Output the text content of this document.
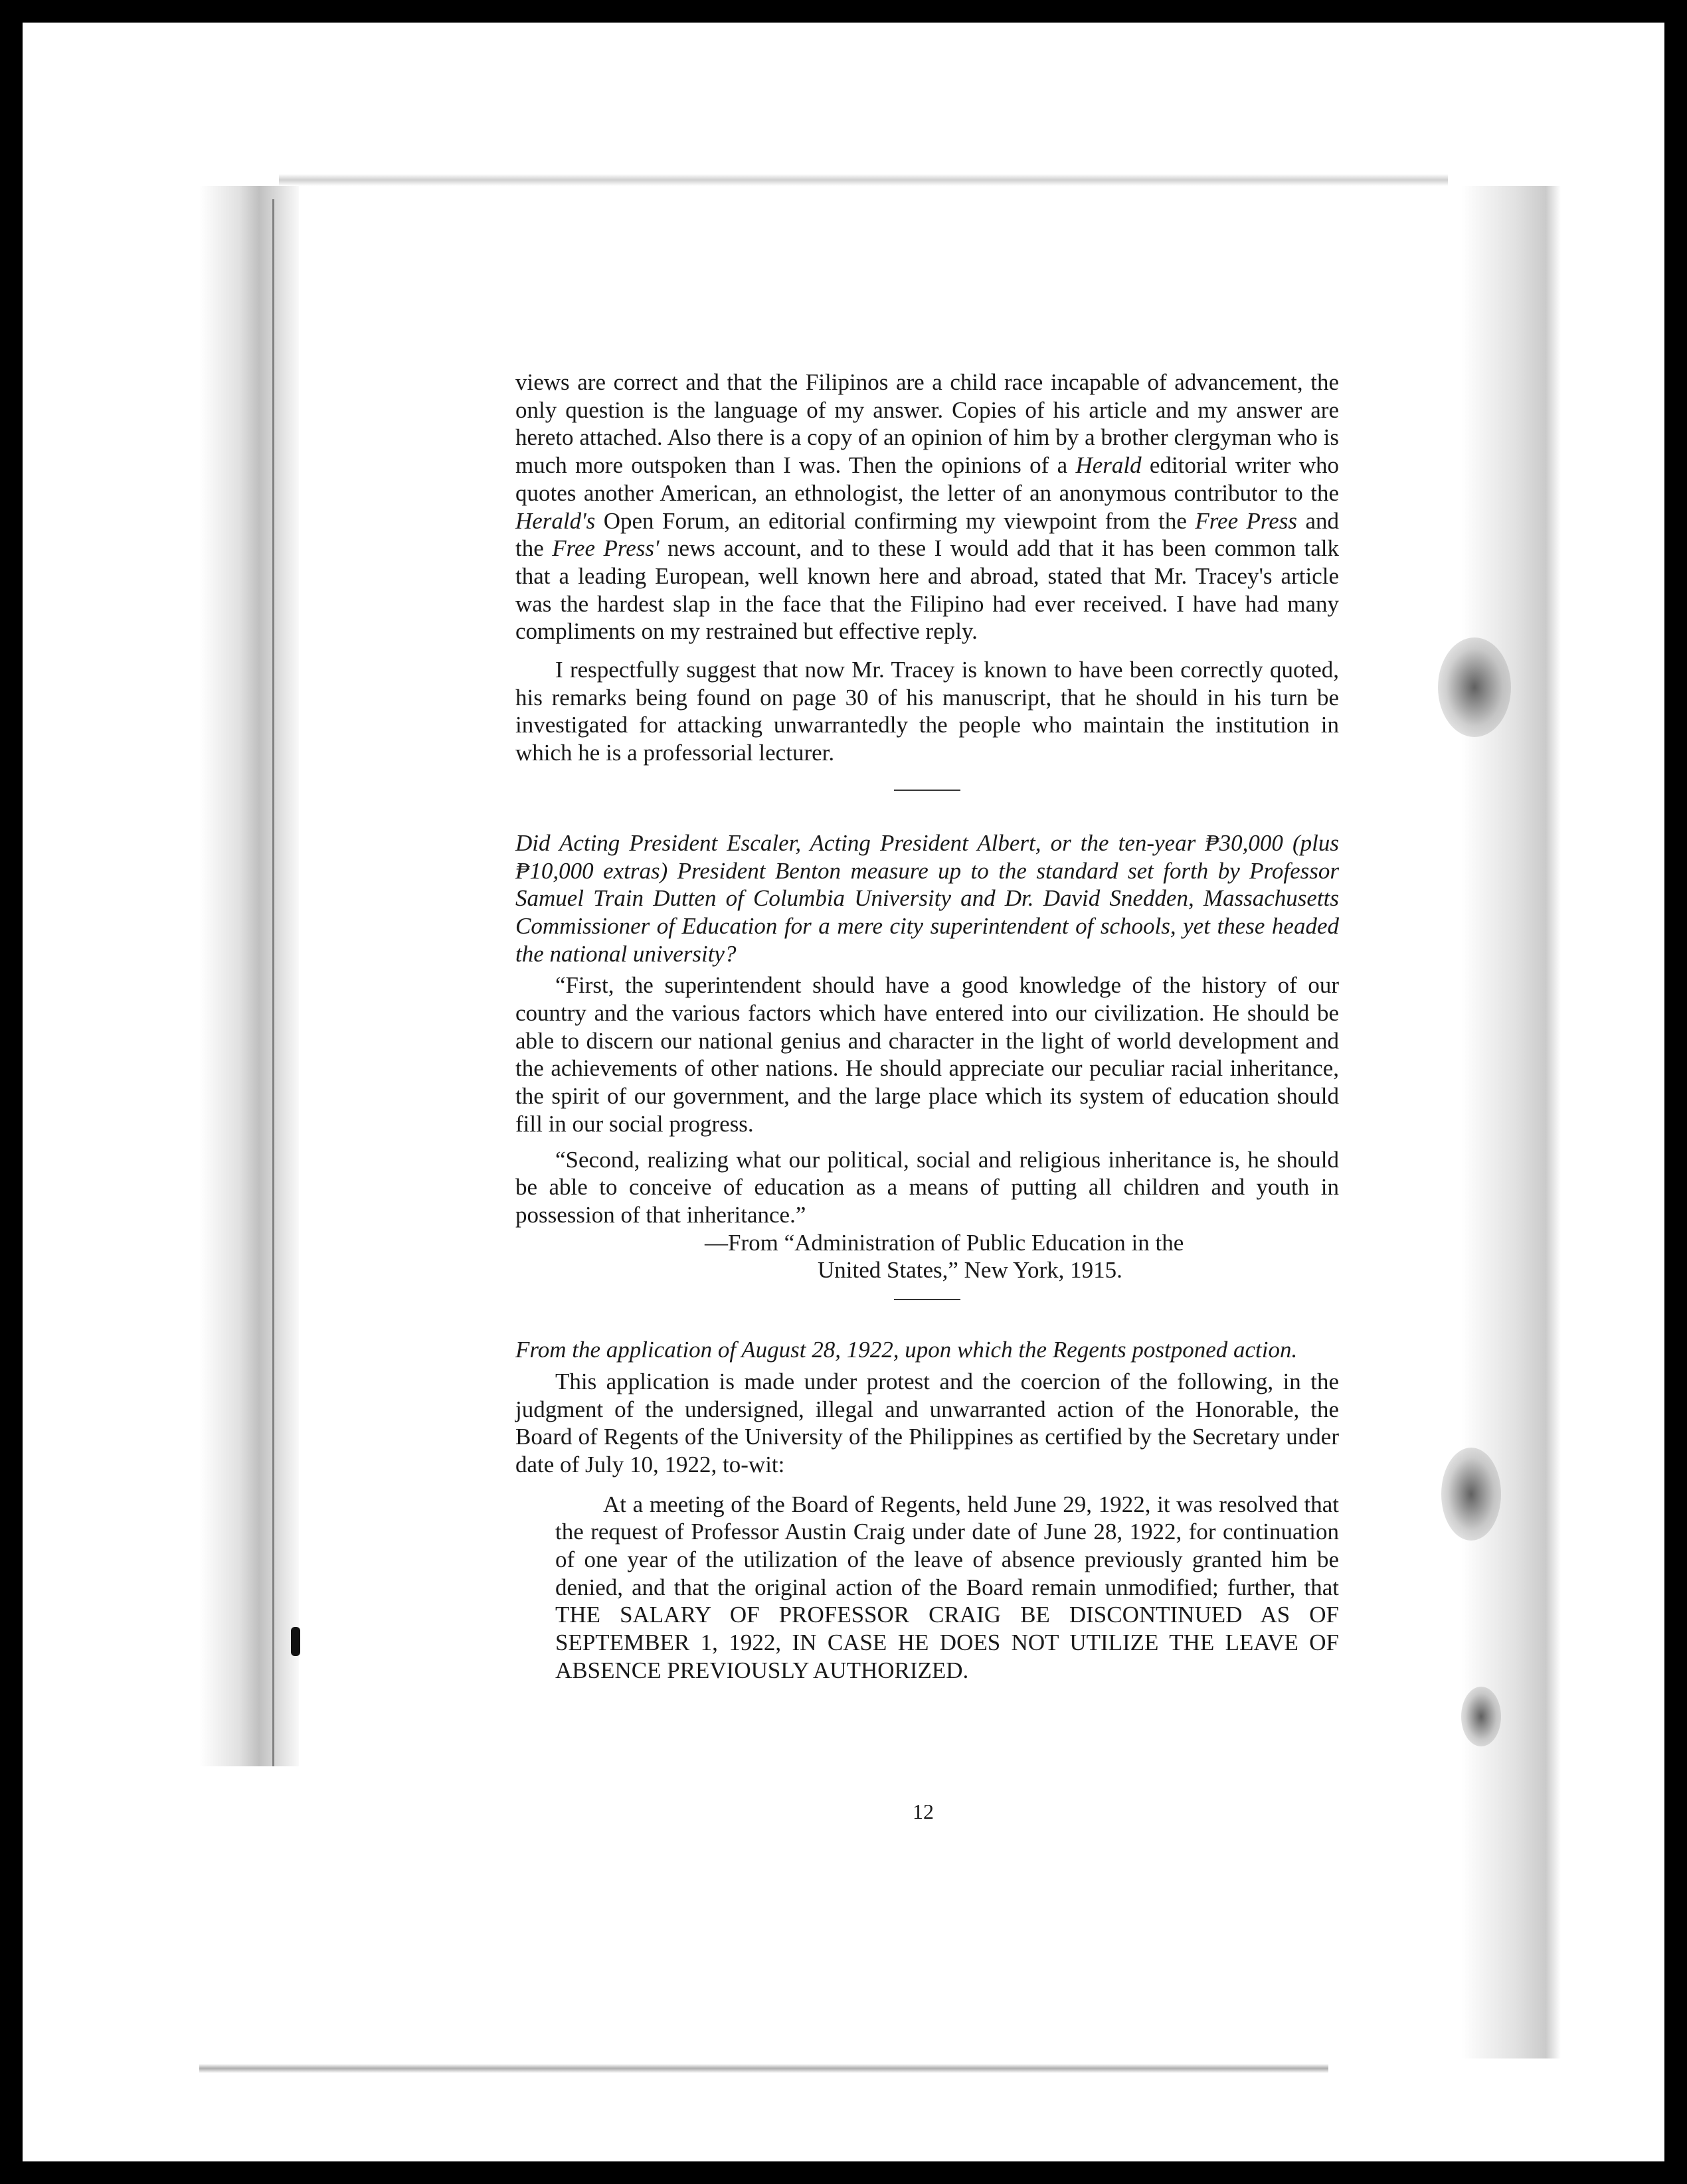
views are correct and that the Filipinos are a child race incapable of advancement, the only question is the language of my answer. Copies of his article and my answer are hereto attached. Also there is a copy of an opinion of him by a brother clergyman who is much more outspoken than I was. Then the opinions of a Herald editorial writer who quotes another American, an ethnologist, the letter of an anonymous contributor to the Herald's Open Forum, an editorial confirming my viewpoint from the Free Press and the Free Press' news account, and to these I would add that it has been common talk that a leading European, well known here and abroad, stated that Mr. Tracey's article was the hardest slap in the face that the Filipino had ever received. I have had many compliments on my restrained but effective reply.

I respectfully suggest that now Mr. Tracey is known to have been correctly quoted, his remarks being found on page 30 of his manuscript, that he should in his turn be investigated for attacking unwarrantedly the people who maintain the institution in which he is a professorial lecturer.

Did Acting President Escaler, Acting President Albert, or the ten-year ₱30,000 (plus ₱10,000 extras) President Benton measure up to the standard set forth by Professor Samuel Train Dutten of Columbia University and Dr. David Snedden, Massachusetts Commissioner of Education for a mere city superintendent of schools, yet these headed the national university?

“First, the superintendent should have a good knowledge of the history of our country and the various factors which have entered into our civilization. He should be able to discern our national genius and character in the light of world development and the achievements of other nations. He should appreciate our peculiar racial inheritance, the spirit of our government, and the large place which its system of education should fill in our social progress.

“Second, realizing what our political, social and religious inheritance is, he should be able to conceive of education as a means of putting all children and youth in possession of that inheritance.”

—From “Administration of Public Education in the

United States,” New York, 1915.

From the application of August 28, 1922, upon which the Regents postponed action.

This application is made under protest and the coercion of the following, in the judgment of the undersigned, illegal and unwarranted action of the Honorable, the Board of Regents of the University of the Philippines as certified by the Secretary under date of July 10, 1922, to-wit:

At a meeting of the Board of Regents, held June 29, 1922, it was resolved that the request of Professor Austin Craig under date of June 28, 1922, for continuation of one year of the utilization of the leave of absence previously granted him be denied, and that the original action of the Board remain unmodified; further, that THE SALARY OF PROFESSOR CRAIG BE DISCONTINUED AS OF SEPTEMBER 1, 1922, IN CASE HE DOES NOT UTILIZE THE LEAVE OF ABSENCE PREVIOUSLY AUTHORIZED.

12
